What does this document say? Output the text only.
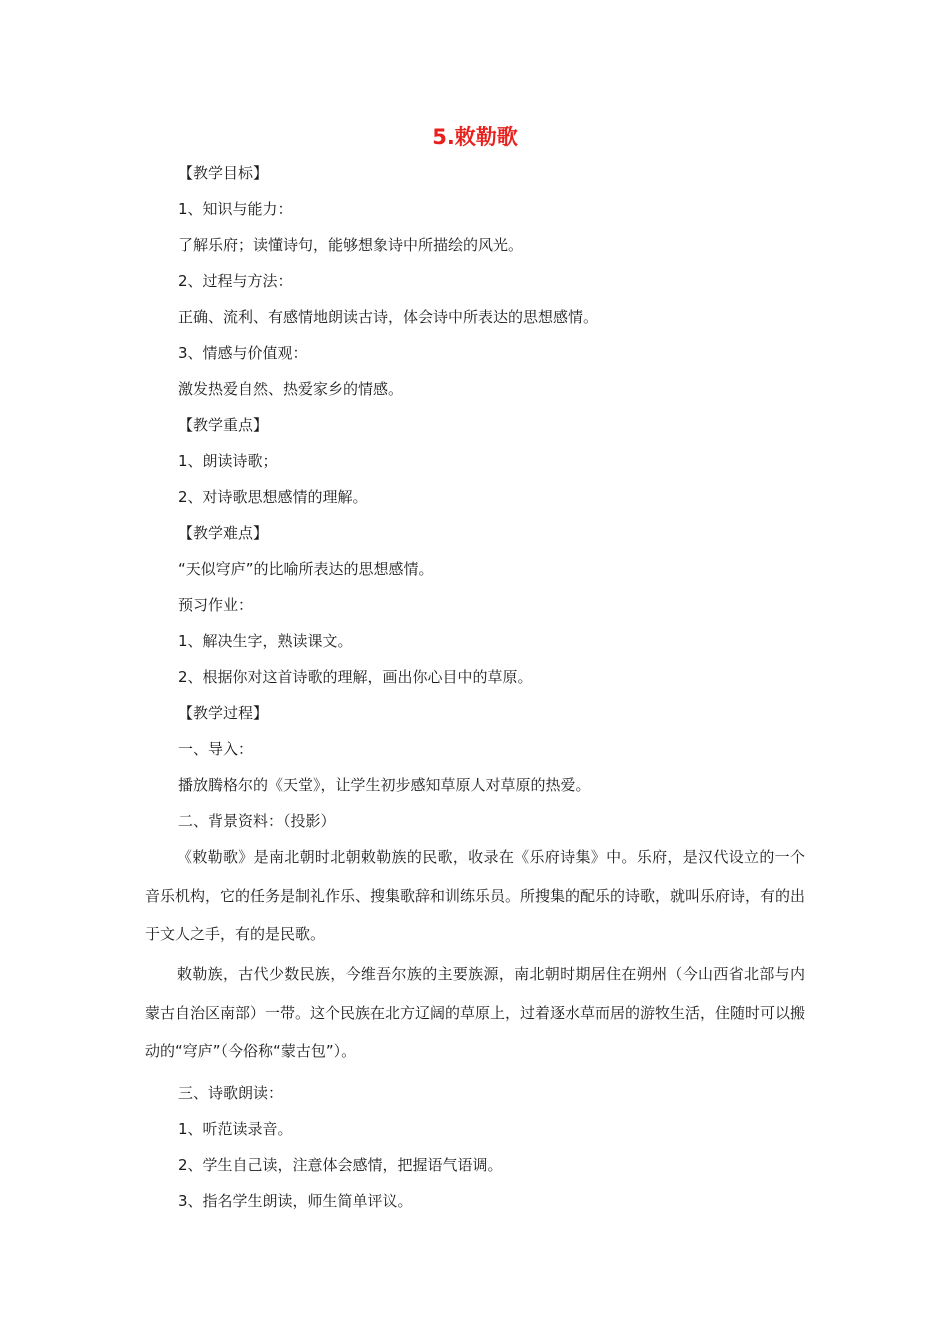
5.敕勒歌
【教学目标】
1、知识与能力：
了解乐府；读懂诗句，能够想象诗中所描绘的风光。
2、过程与方法：
正确、流利、有感情地朗读古诗，体会诗中所表达的思想感情。
3、情感与价值观：
激发热爱自然、热爱家乡的情感。
【教学重点】
1、朗读诗歌；
2、对诗歌思想感情的理解。
【教学难点】
“天似穹庐”的比喻所表达的思想感情。
预习作业：
1、解决生字，熟读课文。
2、根据你对这首诗歌的理解，画出你心目中的草原。
【教学过程】
一、导入：
播放腾格尔的《天堂》，让学生初步感知草原人对草原的热爱。
二、背景资料：（投影）
《敕勒歌》是南北朝时北朝敕勒族的民歌，收录在《乐府诗集》中。乐府，是汉代设立的一个音乐机构，它的任务是制礼作乐、搜集歌辞和训练乐员。所搜集的配乐的诗歌，就叫乐府诗，有的出于文人之手，有的是民歌。
敕勒族，古代少数民族，今维吾尔族的主要族源，南北朝时期居住在朔州（今山西省北部与内蒙古自治区南部）一带。这个民族在北方辽阔的草原上，过着逐水草而居的游牧生活，住随时可以搬动的“穹庐”（今俗称“蒙古包”）。
三、诗歌朗读：
1、听范读录音。
2、学生自己读，注意体会感情，把握语气语调。
3、指名学生朗读，师生简单评议。
